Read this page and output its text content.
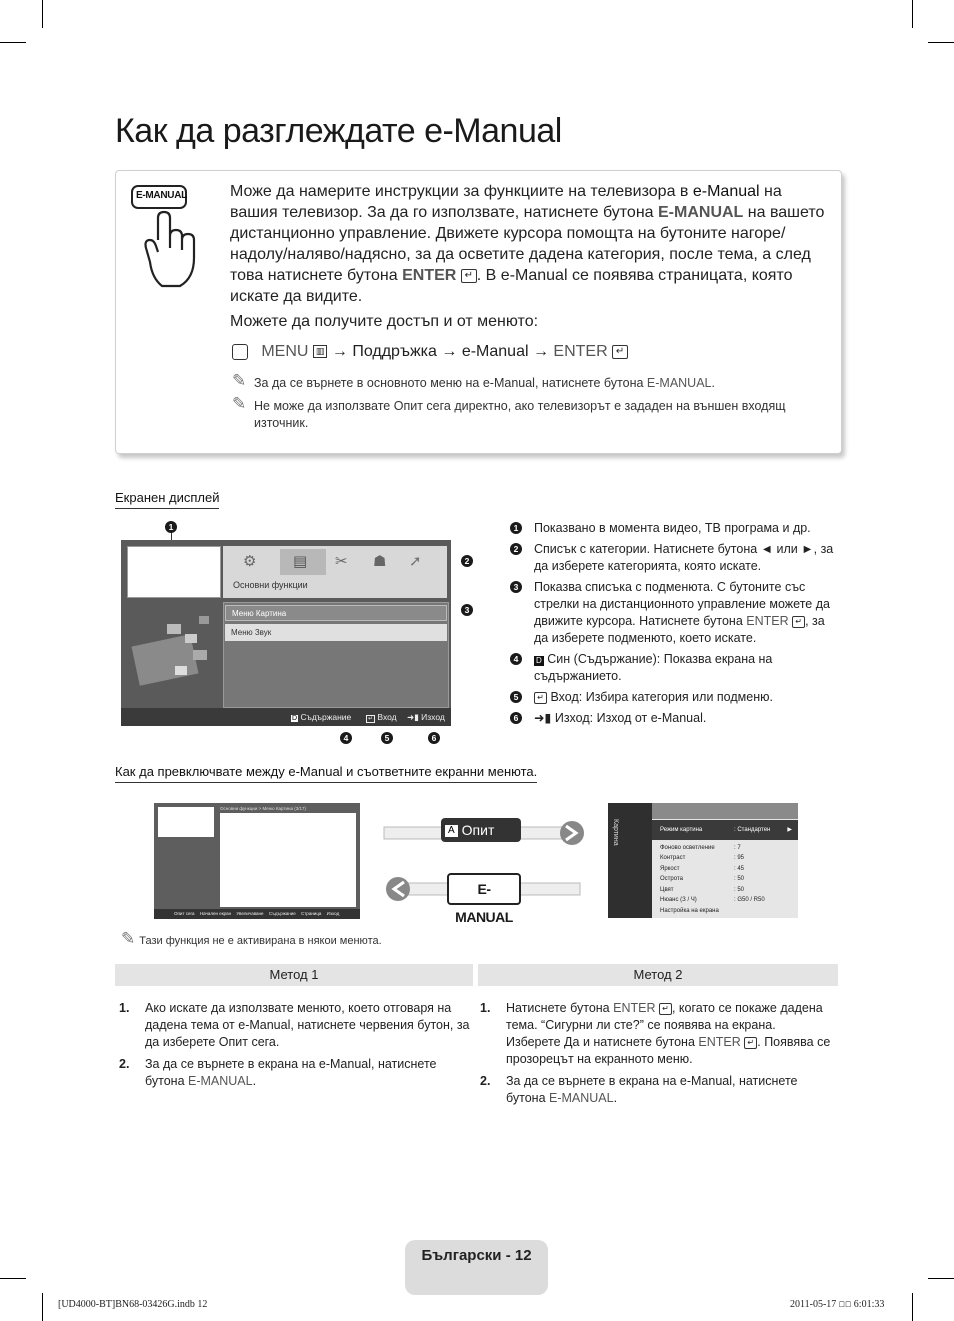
Как да разглеждате e-Manual
E-MANUAL	Може да намерите инструкции за функциите на телевизора в e-Manual на вашия телевизор. За да го използвате, натиснете бутона E-MANUAL на вашето дистанционно управление. Движете курсора помощта на бутоните нагоре/надолу/наляво/надясно, за да осветите дадена категория, после тема, а след това натиснете бутона ENTER ↵ . В e-Manual се появява страницата, която искате да видите.
Можете да получите достъп и от менюто:
MENU ▥ → Поддръжка → e-Manual → ENTER ↵
✎ За да се върнете в основното меню на e-Manual, натиснете бутона E-MANUAL.
✎ Не може да използвате Опит сега директно, ако телевизорът е зададен на външен входящ източник.
Екранен дисплей
1
2
3
4	5	6
⚙ ▤ ✂ ☗ ➚
Основни функции
Меню Картина
Меню Звук
D Съдържание	↵ Вход ➜▮ Изход
1 Показвано в момента видео, ТВ програма и др.
2 Списък с категории. Натиснете бутона ◄ или ►, за да изберете категорията, която искате.
3 Показва списъка с подменюта. С бутоните със стрелки на дистанционното управление можете да движите курсора. Натиснете бутона ENTER ↵ , за да изберете подменюто, което искате.
4	D Син (Съдържание): Показва екрана на съдържанието.
5	↵ Вход: Избира категория или подменю.
6 ➜▮ Изход: Изход от e-Manual.
Как да превключвате между e-Manual и съответните екранни менюта.
Основни функции > Меню Картина (3/17)
Опит сега Начален екран Увеличаване Съдържание Страница Изход
A Опит сега
E-MANUAL
Картина	Режим картина	: Стандартен	▶
Фоново осветление	: 7
Контраст	: 95
Яркост	: 45
Острота	: 50
Цвят	: 50
Нюанс (З / Ч)	: G50 / R50
Настройка на екрана
✎ Тази функция не е активирана в някои менюта.
Метод 1	Метод 2
1. Ако искате да използвате менюто, което отговаря на дадена тема от e-Manual, натиснете червения бутон, за да изберете Опит сега.
2. За да се върнете в екрана на e-Manual, натиснете бутона E-MANUAL.
1. Натиснете бутона ENTER ↵ , когато се покаже дадена тема. “Сигурни ли сте?” се появява на екрана. Изберете Да и натиснете бутона ENTER ↵ . Появява се прозорецът на екранното меню.
2. За да се върнете в екрана на e-Manual, натиснете бутона E-MANUAL.
Български - 12
[UD4000-BT]BN68-03426G.indb 12	2011-05-17 ﾿﾿ 6:01:33
